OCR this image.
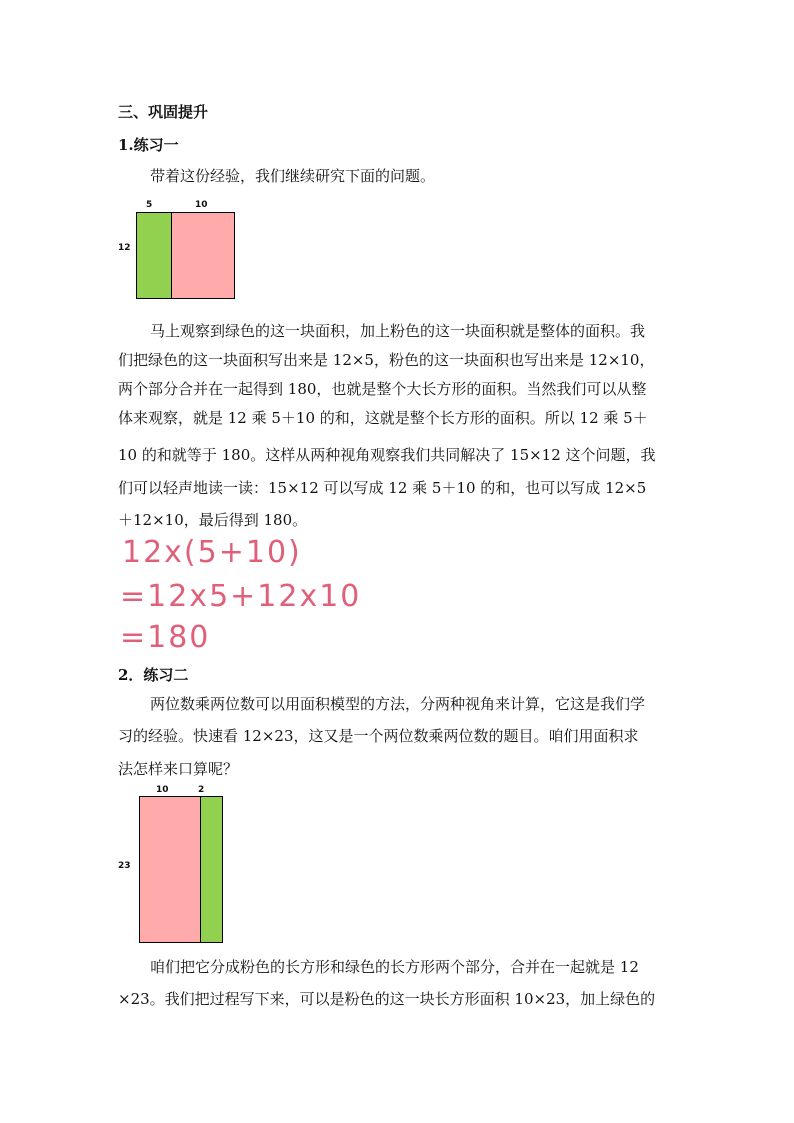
三、巩固提升
1.练习一
带着这份经验，我们继续研究下面的问题。
5	10
12
马上观察到绿色的这一块面积，加上粉色的这一块面积就是整体的面积。我
们把绿色的这一块面积写出来是 12×5，粉色的这一块面积也写出来是 12×10，
两个部分合并在一起得到 180，也就是整个大长方形的面积。当然我们可以从整
体来观察，就是 12 乘 5＋10 的和，这就是整个长方形的面积。所以 12 乘 5＋
10 的和就等于 180。这样从两种视角观察我们共同解决了 15×12 这个问题，我
们可以轻声地读一读：15×12 可以写成 12 乘 5＋10 的和，也可以写成 12×5
＋12×10，最后得到 180。
12x(5+10)
=12x5+12x10
=180
2．练习二
两位数乘两位数可以用面积模型的方法，分两种视角来计算，它这是我们学
习的经验。快速看 12×23，这又是一个两位数乘两位数的题目。咱们用面积求
法怎样来口算呢？
10	2
23
咱们把它分成粉色的长方形和绿色的长方形两个部分，合并在一起就是 12
×23。我们把过程写下来，可以是粉色的这一块长方形面积 10×23，加上绿色的
